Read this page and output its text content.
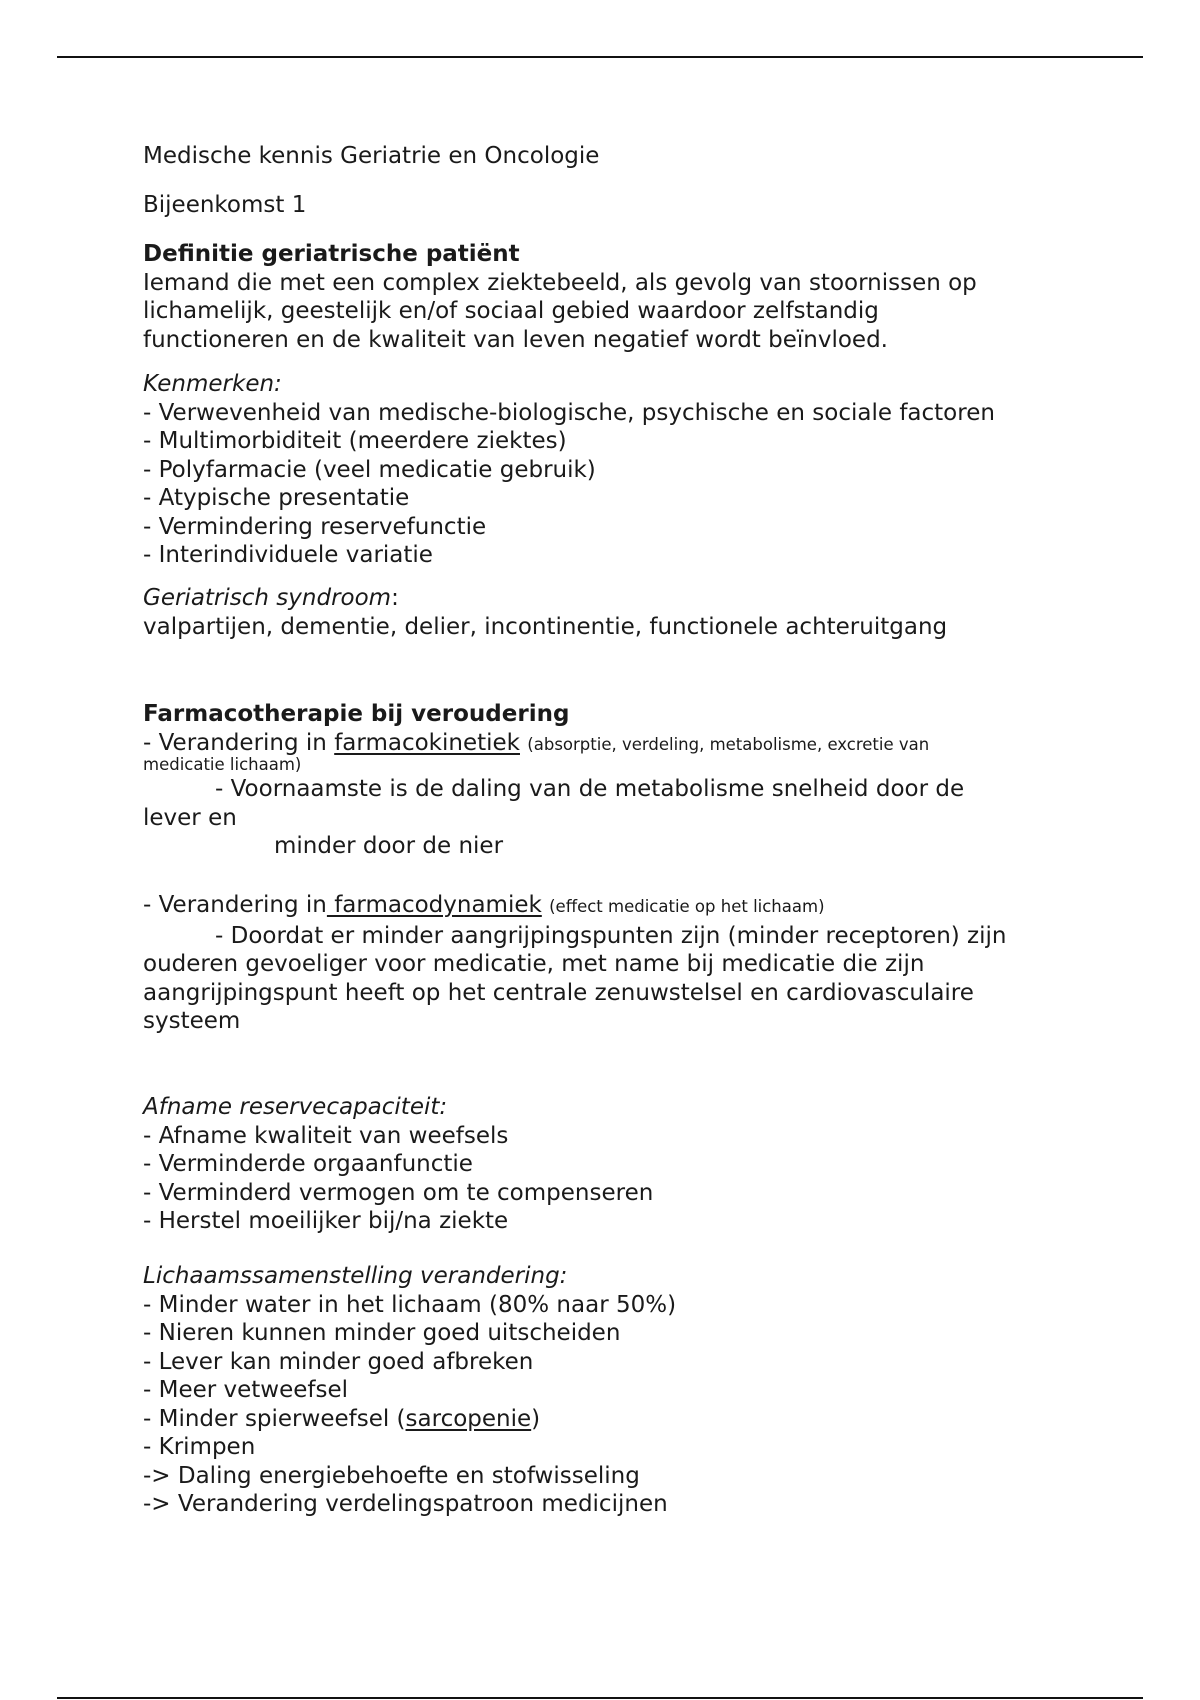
Medische kennis Geriatrie en Oncologie
Bijeenkomst 1
Definitie geriatrische patiënt
Iemand die met een complex ziektebeeld, als gevolg van stoornissen op
lichamelijk, geestelijk en/of sociaal gebied waardoor zelfstandig
functioneren en de kwaliteit van leven negatief wordt beïnvloed.
Kenmerken:
- Verwevenheid van medische-biologische, psychische en sociale factoren
- Multimorbiditeit (meerdere ziektes)
- Polyfarmacie (veel medicatie gebruik)
- Atypische presentatie
- Vermindering reservefunctie
- Interindividuele variatie
Geriatrisch syndroom:
valpartijen, dementie, delier, incontinentie, functionele achteruitgang
Farmacotherapie bij veroudering
- Verandering in farmacokinetiek (absorptie, verdeling, metabolisme, excretie van
medicatie lichaam)
- Voornaamste is de daling van de metabolisme snelheid door de
lever en
minder door de nier
- Verandering in farmacodynamiek (effect medicatie op het lichaam)
- Doordat er minder aangrijpingspunten zijn (minder receptoren) zijn
ouderen gevoeliger voor medicatie, met name bij medicatie die zijn
aangrijpingspunt heeft op het centrale zenuwstelsel en cardiovasculaire
systeem
Afname reservecapaciteit:
- Afname kwaliteit van weefsels
- Verminderde orgaanfunctie
- Verminderd vermogen om te compenseren
- Herstel moeilijker bij/na ziekte
Lichaamssamenstelling verandering:
- Minder water in het lichaam (80% naar 50%)
- Nieren kunnen minder goed uitscheiden
- Lever kan minder goed afbreken
- Meer vetweefsel
- Minder spierweefsel (sarcopenie)
- Krimpen
-> Daling energiebehoefte en stofwisseling
-> Verandering verdelingspatroon medicijnen
